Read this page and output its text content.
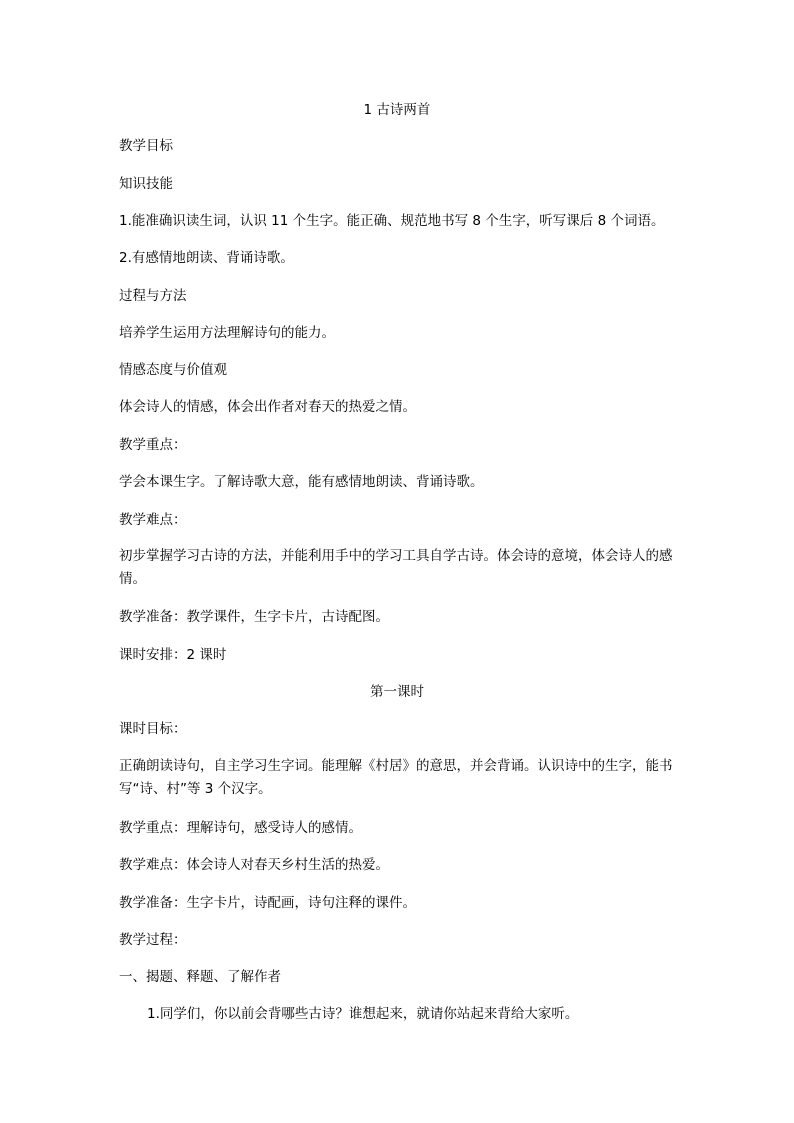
1 古诗两首
教学目标
知识技能
1.能准确识读生词，认识 11 个生字。能正确、规范地书写 8 个生字，听写课后 8 个词语。
2.有感情地朗读、背诵诗歌。
过程与方法
培养学生运用方法理解诗句的能力。
情感态度与价值观
体会诗人的情感，体会出作者对春天的热爱之情。
教学重点：
学会本课生字。了解诗歌大意，能有感情地朗读、背诵诗歌。
教学难点：
初步掌握学习古诗的方法，并能利用手中的学习工具自学古诗。体会诗的意境，体会诗人的感情。
教学准备：教学课件，生字卡片，古诗配图。
课时安排：2 课时
第一课时
课时目标：
正确朗读诗句，自主学习生字词。能理解《村居》的意思，并会背诵。认识诗中的生字，能书写“诗、村”等 3 个汉字。
教学重点：理解诗句，感受诗人的感情。
教学难点：体会诗人对春天乡村生活的热爱。
教学准备：生字卡片，诗配画，诗句注释的课件。
教学过程：
一、揭题、释题、了解作者
1.同学们，你以前会背哪些古诗？谁想起来，就请你站起来背给大家听。
